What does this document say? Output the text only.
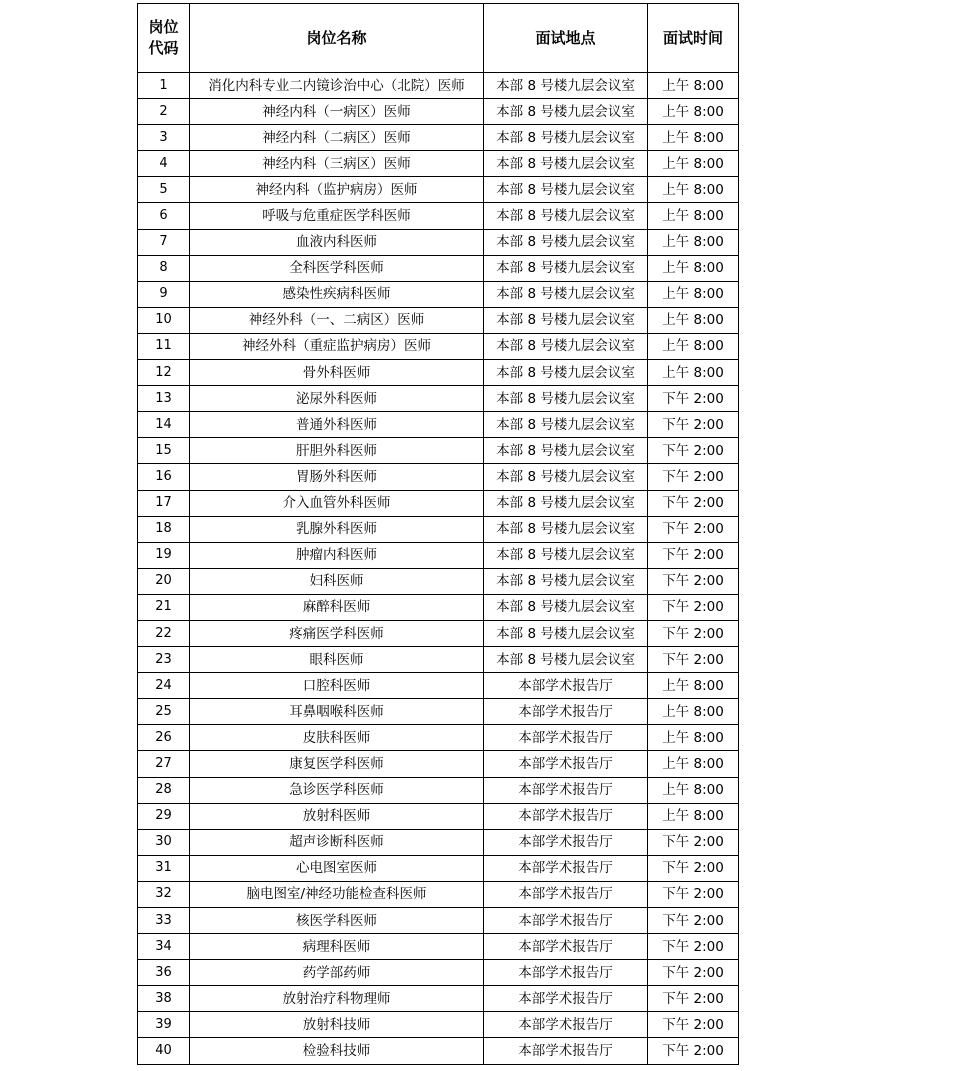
岗位
代码	岗位名称	面试地点	面试时间
1	消化内科专业二内镜诊治中心（北院）医师	本部 8 号楼九层会议室	上午 8:00
2	神经内科（一病区）医师	本部 8 号楼九层会议室	上午 8:00
3	神经内科（二病区）医师	本部 8 号楼九层会议室	上午 8:00
4	神经内科（三病区）医师	本部 8 号楼九层会议室	上午 8:00
5	神经内科（监护病房）医师	本部 8 号楼九层会议室	上午 8:00
6	呼吸与危重症医学科医师	本部 8 号楼九层会议室	上午 8:00
7	血液内科医师	本部 8 号楼九层会议室	上午 8:00
8	全科医学科医师	本部 8 号楼九层会议室	上午 8:00
9	感染性疾病科医师	本部 8 号楼九层会议室	上午 8:00
10	神经外科（一、二病区）医师	本部 8 号楼九层会议室	上午 8:00
11	神经外科（重症监护病房）医师	本部 8 号楼九层会议室	上午 8:00
12	骨外科医师	本部 8 号楼九层会议室	上午 8:00
13	泌尿外科医师	本部 8 号楼九层会议室	下午 2:00
14	普通外科医师	本部 8 号楼九层会议室	下午 2:00
15	肝胆外科医师	本部 8 号楼九层会议室	下午 2:00
16	胃肠外科医师	本部 8 号楼九层会议室	下午 2:00
17	介入血管外科医师	本部 8 号楼九层会议室	下午 2:00
18	乳腺外科医师	本部 8 号楼九层会议室	下午 2:00
19	肿瘤内科医师	本部 8 号楼九层会议室	下午 2:00
20	妇科医师	本部 8 号楼九层会议室	下午 2:00
21	麻醉科医师	本部 8 号楼九层会议室	下午 2:00
22	疼痛医学科医师	本部 8 号楼九层会议室	下午 2:00
23	眼科医师	本部 8 号楼九层会议室	下午 2:00
24	口腔科医师	本部学术报告厅	上午 8:00
25	耳鼻咽喉科医师	本部学术报告厅	上午 8:00
26	皮肤科医师	本部学术报告厅	上午 8:00
27	康复医学科医师	本部学术报告厅	上午 8:00
28	急诊医学科医师	本部学术报告厅	上午 8:00
29	放射科医师	本部学术报告厅	上午 8:00
30	超声诊断科医师	本部学术报告厅	下午 2:00
31	心电图室医师	本部学术报告厅	下午 2:00
32	脑电图室/神经功能检查科医师	本部学术报告厅	下午 2:00
33	核医学科医师	本部学术报告厅	下午 2:00
34	病理科医师	本部学术报告厅	下午 2:00
36	药学部药师	本部学术报告厅	下午 2:00
38	放射治疗科物理师	本部学术报告厅	下午 2:00
39	放射科技师	本部学术报告厅	下午 2:00
40	检验科技师	本部学术报告厅	下午 2:00
